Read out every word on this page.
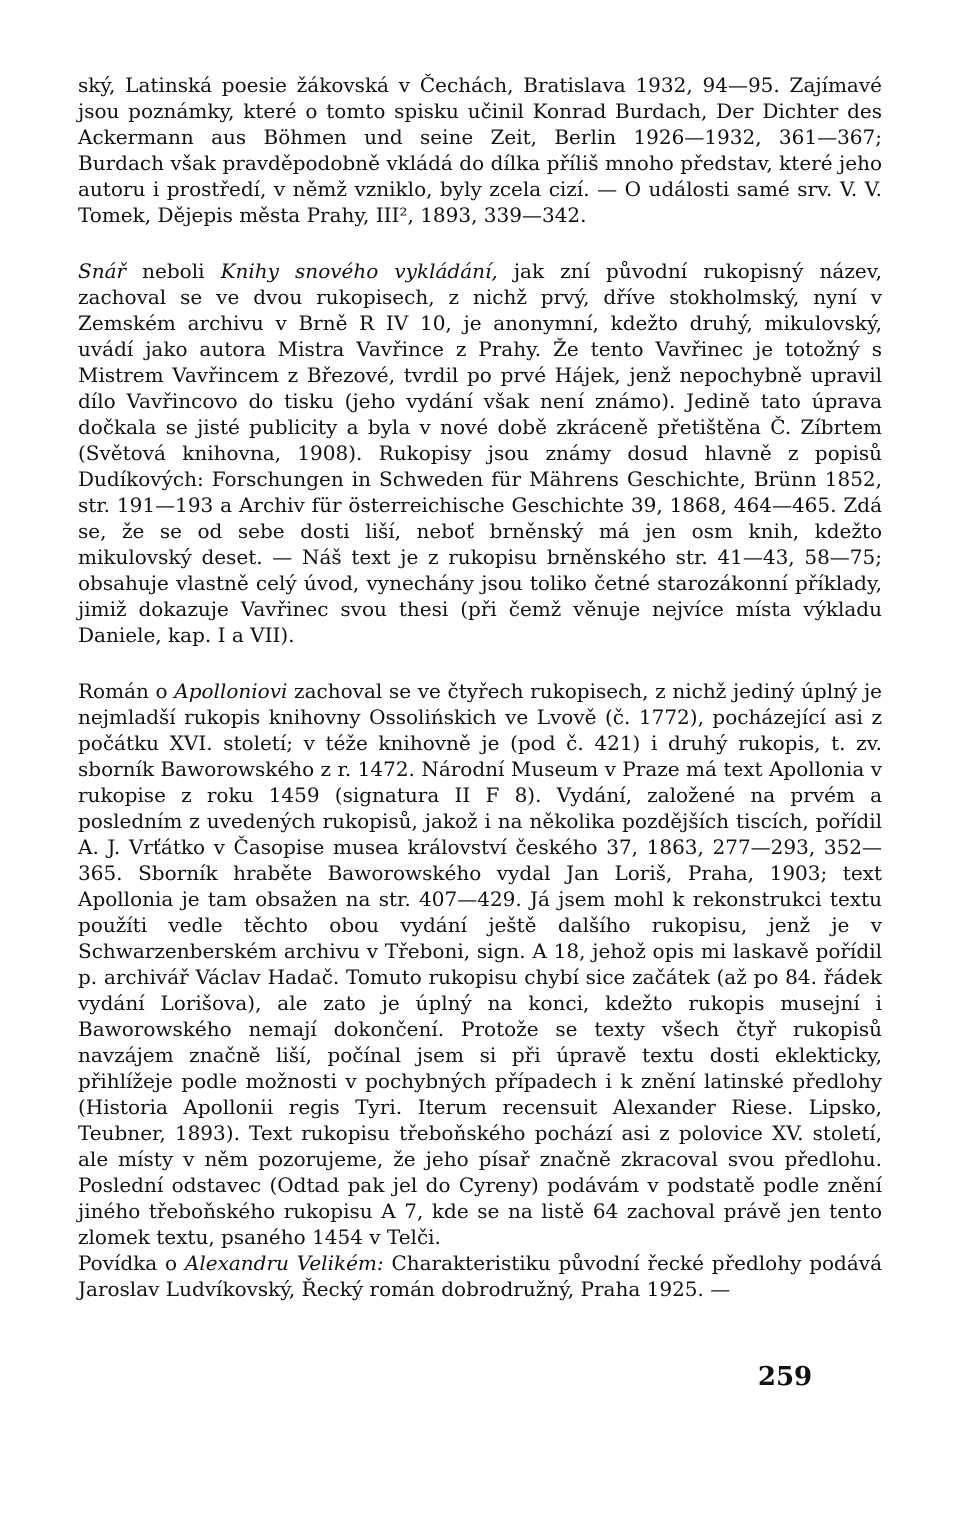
ský, Latinská poesie žákovská v Čechách, Bratislava 1932, 94—95. Zajímavé jsou poznámky, které o tomto spisku učinil Konrad Burdach, Der Dichter des Ackermann aus Böhmen und seine Zeit, Berlin 1926—1932, 361—367; Burdach však pravděpodobně vkládá do dílka příliš mnoho představ, které jeho autoru i prostředí, v němž vzniklo, byly zcela cizí. — O události samé srv. V. V. Tomek, Dějepis města Prahy, III², 1893, 339—342.

Snář neboli Knihy snového vykládání, jak zní původní rukopisný název, zachoval se ve dvou rukopisech, z nichž prvý, dříve stokholmský, nyní v Zemském archivu v Brně R IV 10, je anonymní, kdežto druhý, mikulovský, uvádí jako autora Mistra Vavřince z Prahy. Že tento Vavřinec je totožný s Mistrem Vavřincem z Březové, tvrdil po prvé Hájek, jenž nepochybně upravil dílo Vavřincovo do tisku (jeho vydání však není známo). Jedině tato úprava dočkala se jisté publicity a byla v nové době zkráceně přetištěna Č. Zíbrtem (Světová knihovna, 1908). Rukopisy jsou známy dosud hlavně z popisů Dudíkových: Forschungen in Schweden für Mährens Geschichte, Brünn 1852, str. 191—193 a Archiv für österreichische Geschichte 39, 1868, 464—465. Zdá se, že se od sebe dosti liší, neboť brněnský má jen osm knih, kdežto mikulovský deset. — Náš text je z rukopisu brněnského str. 41—43, 58—75; obsahuje vlastně celý úvod, vynechány jsou toliko četné starozákonní příklady, jimiž dokazuje Vavřinec svou thesi (při čemž věnuje nejvíce místa výkladu Daniele, kap. I a VII).

Román o Apolloniovi zachoval se ve čtyřech rukopisech, z nichž jediný úplný je nejmladší rukopis knihovny Ossolińskich ve Lvově (č. 1772), pocházející asi z počátku XVI. století; v téže knihovně je (pod č. 421) i druhý rukopis, t. zv. sborník Baworowského z r. 1472. Národní Museum v Praze má text Apollonia v rukopise z roku 1459 (signatura II F 8). Vydání, založené na prvém a posledním z uvedených rukopisů, jakož i na několika pozdějších tiscích, pořídil A. J. Vrťátko v Časopise musea království českého 37, 1863, 277—293, 352—365. Sborník hraběte Baworowského vydal Jan Loriš, Praha, 1903; text Apollonia je tam obsažen na str. 407—429. Já jsem mohl k rekonstrukci textu použíti vedle těchto obou vydání ještě dalšího rukopisu, jenž je v Schwarzenberském archivu v Třeboni, sign. A 18, jehož opis mi laskavě pořídil p. archivář Václav Hadač. Tomuto rukopisu chybí sice začátek (až po 84. řádek vydání Lorišova), ale zato je úplný na konci, kdežto rukopis musejní i Baworowského nemají dokončení. Protože se texty všech čtyř rukopisů navzájem značně liší, počínal jsem si při úpravě textu dosti eklekticky, přihlížeje podle možnosti v pochybných případech i k znění latinské předlohy (Historia Apollonii regis Tyri. Iterum recensuit Alexander Riese. Lipsko, Teubner, 1893). Text rukopisu třeboňského pochází asi z polovice XV. století, ale místy v něm pozorujeme, že jeho písař značně zkracoval svou předlohu. Poslední odstavec (Odtad pak jel do Cyreny) podávám v podstatě podle znění jiného třeboňského rukopisu A 7, kde se na listě 64 zachoval právě jen tento zlomek textu, psaného 1454 v Telči.

Povídka o Alexandru Velikém: Charakteristiku původní řecké předlohy podává Jaroslav Ludvíkovský, Řecký román dobrodružný, Praha 1925. —

259
